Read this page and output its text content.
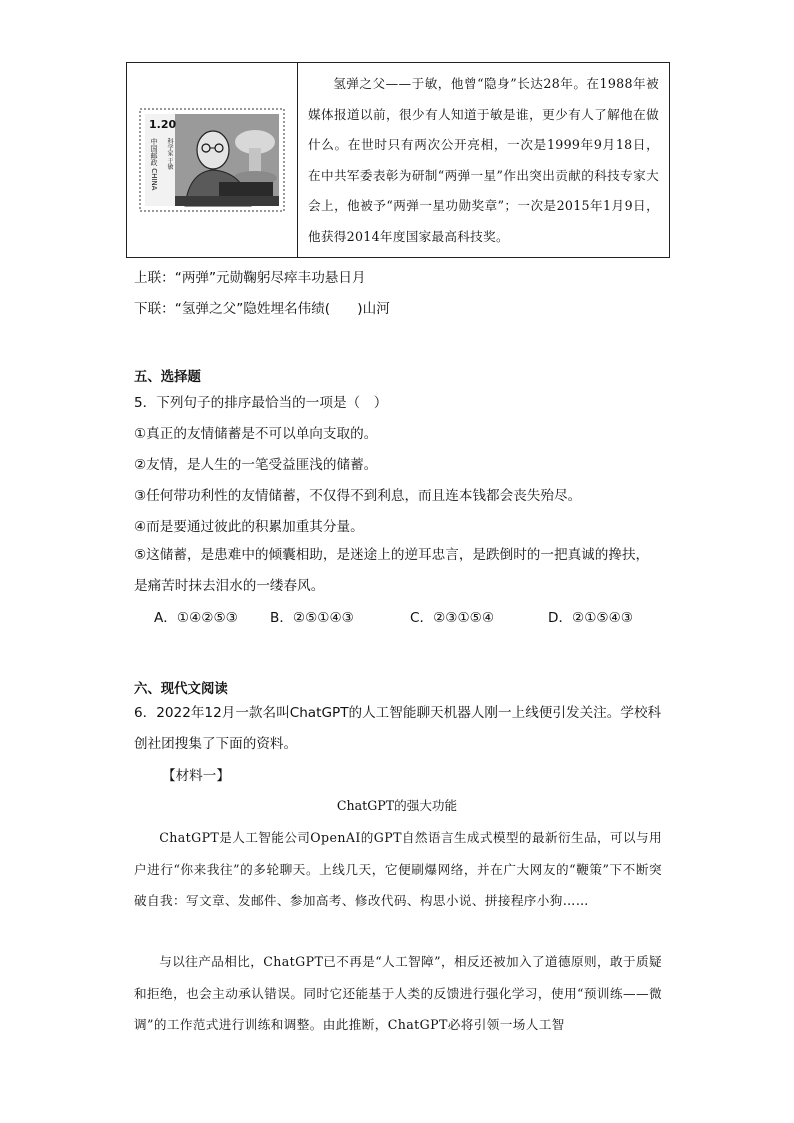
1.20
中国邮政 CHINA 科学家 于敏
氢弹之父——于敏，他曾“隐身”长达28年。在1988年被媒体报道以前，很少有人知道于敏是谁，更少有人了解他在做什么。在世时只有两次公开亮相，一次是1999年9月18日，在中共军委表彰为研制“两弹一星”作出突出贡献的科技专家大会上，他被予“两弹一星功勋奖章”；一次是2015年1月9日，他获得2014年度国家最高科技奖。
上联：“两弹”元勋鞠躬尽瘁丰功悬日月
下联：“氢弹之父”隐姓埋名伟绩(　　)山河
五、选择题
5．下列句子的排序最恰当的一项是（　）
①真正的友情储蓄是不可以单向支取的。
②友情，是人生的一笔受益匪浅的储蓄。
③任何带功利性的友情储蓄，不仅得不到利息，而且连本钱都会丧失殆尽。
④而是要通过彼此的积累加重其分量。
⑤这储蓄，是患难中的倾囊相助，是迷途上的逆耳忠言，是跌倒时的一把真诚的搀扶，是痛苦时抹去泪水的一缕春风。
A．①④②⑤③	B．②⑤①④③	C．②③①⑤④	D．②①⑤④③
六、现代文阅读
6．2022年12月一款名叫ChatGPT的人工智能聊天机器人刚一上线便引发关注。学校科创社团搜集了下面的资料。
【材料一】
ChatGPT的强大功能
ChatGPT是人工智能公司OpenAI的GPT自然语言生成式模型的最新衍生品，可以与用户进行“你来我往”的多轮聊天。上线几天，它便刷爆网络，并在广大网友的“鞭策”下不断突破自我：写文章、发邮件、参加高考、修改代码、构思小说、拼接程序小狗……
与以往产品相比，ChatGPT已不再是“人工智障”，相反还被加入了道德原则，敢于质疑和拒绝，也会主动承认错误。同时它还能基于人类的反馈进行强化学习，使用“预训练——微调”的工作范式进行训练和调整。由此推断，ChatGPT必将引领一场人工智
